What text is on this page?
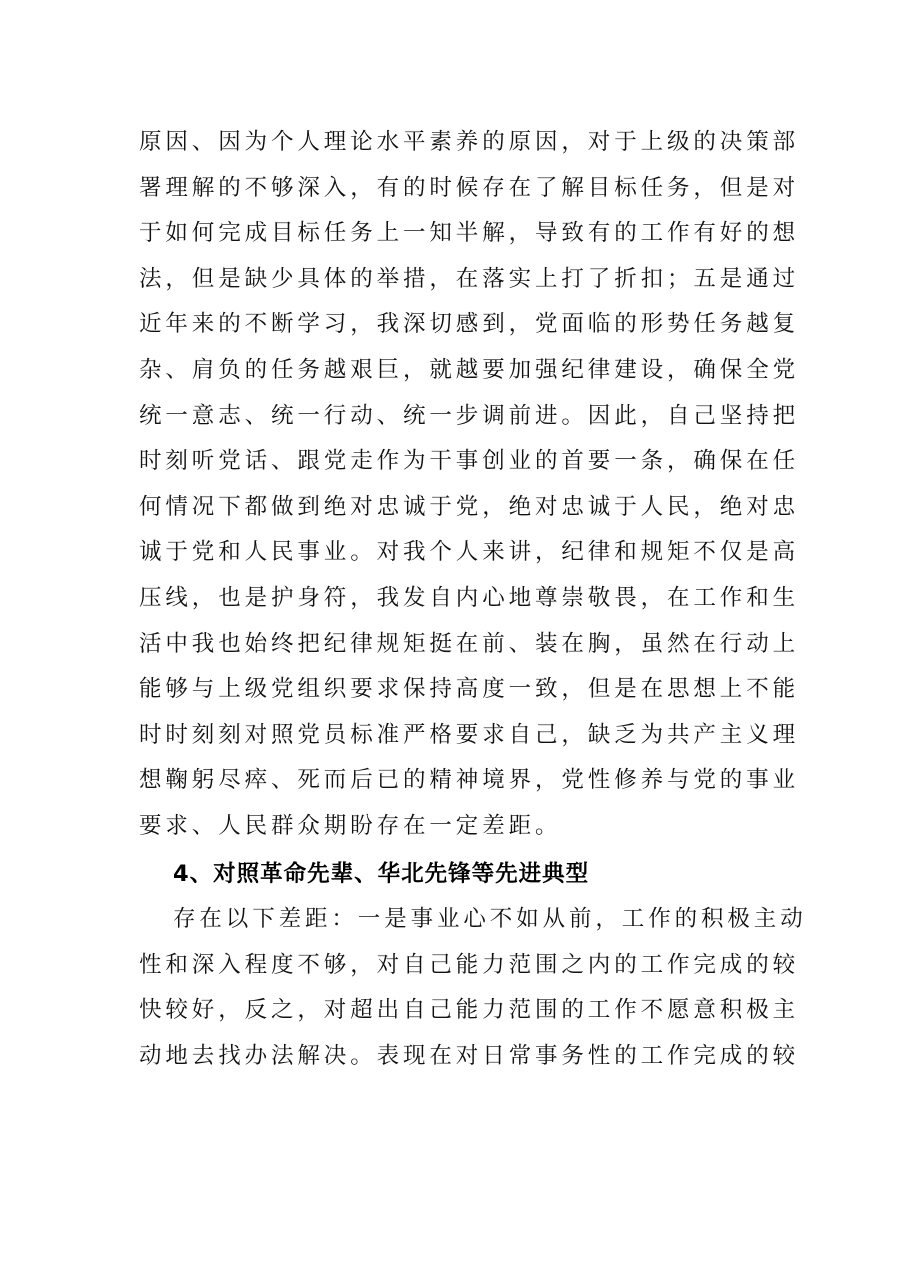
原因、因为个人理论水平素养的原因，对于上级的决策部
署理解的不够深入，有的时候存在了解目标任务，但是对
于如何完成目标任务上一知半解，导致有的工作有好的想
法，但是缺少具体的举措，在落实上打了折扣；五是通过
近年来的不断学习，我深切感到，党面临的形势任务越复
杂、肩负的任务越艰巨，就越要加强纪律建设，确保全党
统一意志、统一行动、统一步调前进。因此，自己坚持把
时刻听党话、跟党走作为干事创业的首要一条，确保在任
何情况下都做到绝对忠诚于党，绝对忠诚于人民，绝对忠
诚于党和人民事业。对我个人来讲，纪律和规矩不仅是高
压线，也是护身符，我发自内心地尊崇敬畏，在工作和生
活中我也始终把纪律规矩挺在前、装在胸，虽然在行动上
能够与上级党组织要求保持高度一致，但是在思想上不能
时时刻刻对照党员标准严格要求自己，缺乏为共产主义理
想鞠躬尽瘁、死而后已的精神境界，党性修养与党的事业
要求、人民群众期盼存在一定差距。
4、对照革命先辈、华北先锋等先进典型
存在以下差距：一是事业心不如从前，工作的积极主动
性和深入程度不够，对自己能力范围之内的工作完成的较
快较好，反之，对超出自己能力范围的工作不愿意积极主
动地去找办法解决。表现在对日常事务性的工作完成的较
